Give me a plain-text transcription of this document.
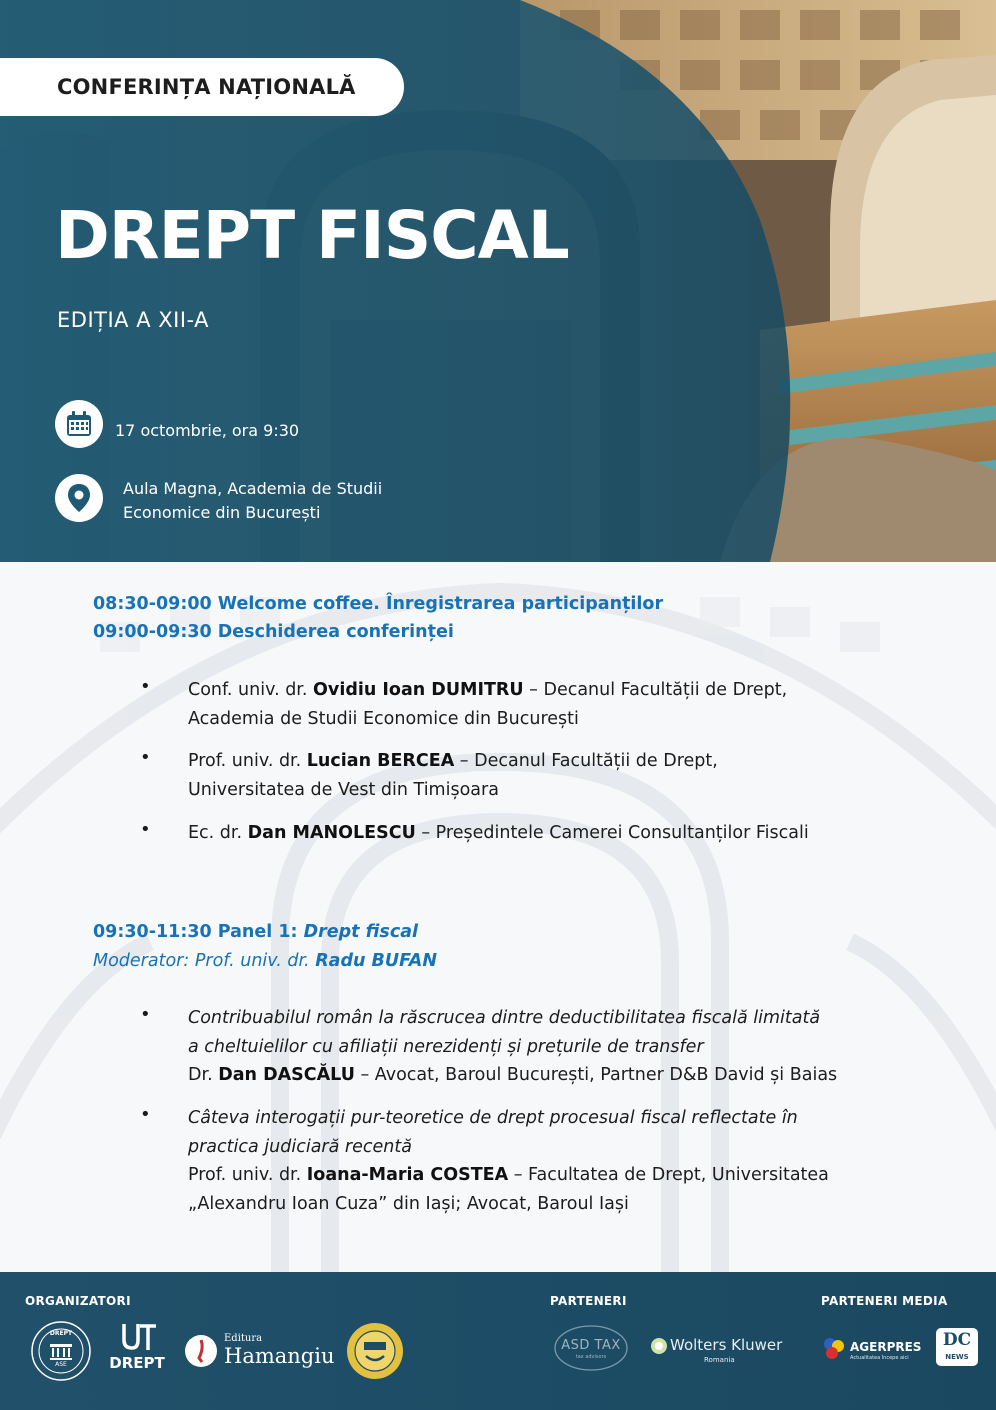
CONFERINȚA NAȚIONALĂ
DREPT FISCAL
EDIȚIA A XII-A
17 octombrie, ora 9:30
Aula Magna, Academia de Studii
Economice din București
08:30-09:00 Welcome coffee. Înregistrarea participanților
09:00-09:30 Deschiderea conferinței
• Conf. univ. dr. Ovidiu Ioan DUMITRU – Decanul Facultății de Drept,
Academia de Studii Economice din București
• Prof. univ. dr. Lucian BERCEA – Decanul Facultății de Drept,
Universitatea de Vest din Timișoara
• Ec. dr. Dan MANOLESCU – Președintele Camerei Consultanților Fiscali
09:30-11:30 Panel 1: Drept fiscal
Moderator: Prof. univ. dr. Radu BUFAN
• Contribuabilul român la răscrucea dintre deductibilitatea fiscală limitată
a cheltuielilor cu afiliații nerezidenți și prețurile de transfer
Dr. Dan DASCĂLU – Avocat, Baroul București, Partner D&B David și Baias
• Câteva interogații pur-teoretice de drept procesual fiscal reflectate în
practica judiciară recentă
Prof. univ. dr. Ioana-Maria COSTEA – Facultatea de Drept, Universitatea
„Alexandru Ioan Cuza” din Iași; Avocat, Baroul Iași
ORGANIZATORI	PARTENERI	PARTENERI MEDIA
DREPT
ASE	DREPT
Editura
Hamangiu	ASD TAX
tax advisors
Wolters Kluwer
Romania
AGERPRES
Actualitatea începe aici
DC
NEWS
